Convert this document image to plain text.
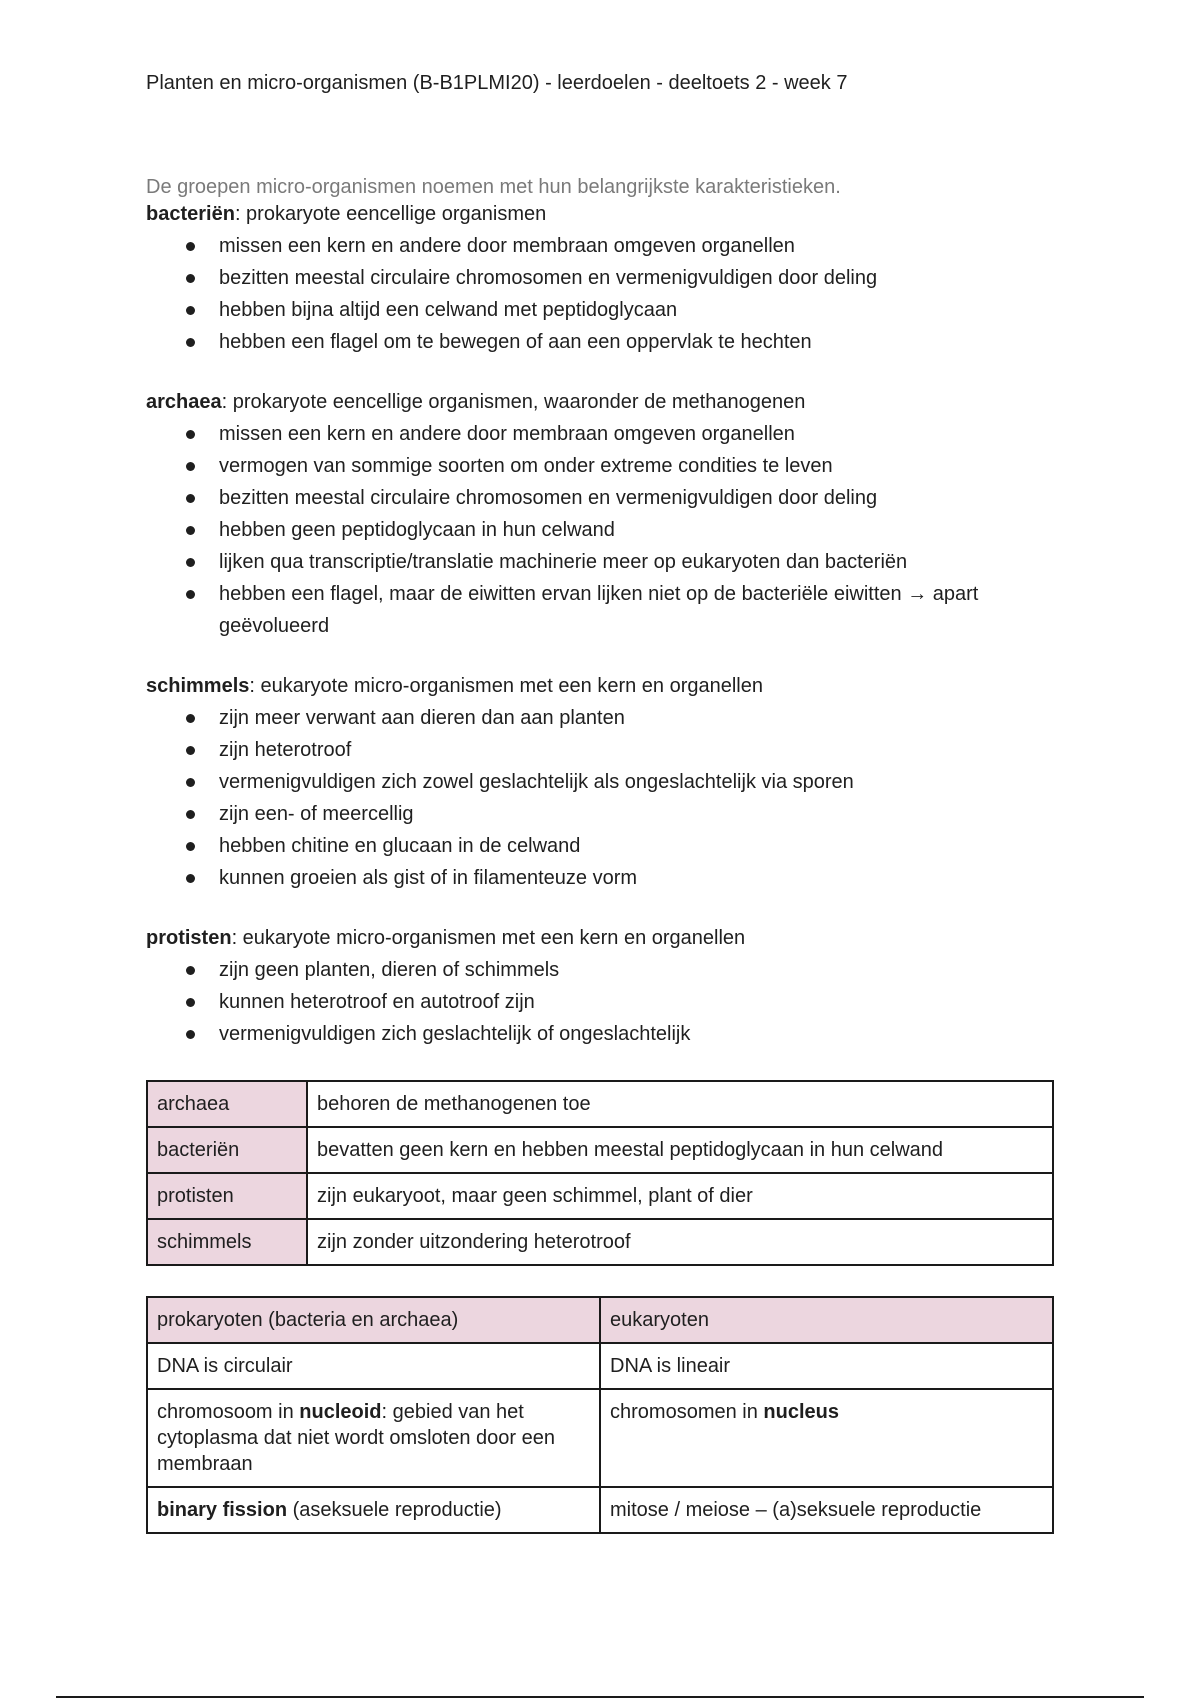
Planten en micro-organismen (B-B1PLMI20) - leerdoelen - deeltoets 2 - week 7

De groepen micro-organismen noemen met hun belangrijkste karakteristieken.

bacteriën: prokaryote eencellige organismen

missen een kern en andere door membraan omgeven organellen
bezitten meestal circulaire chromosomen en vermenigvuldigen door deling
hebben bijna altijd een celwand met peptidoglycaan
hebben een flagel om te bewegen of aan een oppervlak te hechten

archaea: prokaryote eencellige organismen, waaronder de methanogenen

missen een kern en andere door membraan omgeven organellen
vermogen van sommige soorten om onder extreme condities te leven
bezitten meestal circulaire chromosomen en vermenigvuldigen door deling
hebben geen peptidoglycaan in hun celwand
lijken qua transcriptie/translatie machinerie meer op eukaryoten dan bacteriën
hebben een flagel, maar de eiwitten ervan lijken niet op de bacteriële eiwitten → apart geëvolueerd

schimmels: eukaryote micro-organismen met een kern en organellen

zijn meer verwant aan dieren dan aan planten
zijn heterotroof
vermenigvuldigen zich zowel geslachtelijk als ongeslachtelijk via sporen
zijn een- of meercellig
hebben chitine en glucaan in de celwand
kunnen groeien als gist of in filamenteuze vorm

protisten: eukaryote micro-organismen met een kern en organellen

zijn geen planten, dieren of schimmels
kunnen heterotroof en autotroof zijn
vermenigvuldigen zich geslachtelijk of ongeslachtelijk
archaea	behoren de methanogenen toe
bacteriën	bevatten geen kern en hebben meestal peptidoglycaan in hun celwand
protisten	zijn eukaryoot, maar geen schimmel, plant of dier
schimmels	zijn zonder uitzondering heterotroof
prokaryoten (bacteria en archaea)	eukaryoten
DNA is circulair	DNA is lineair
chromosoom in nucleoid: gebied van het cytoplasma dat niet wordt omsloten door een membraan	chromosomen in nucleus
binary fission (aseksuele reproductie)	mitose / meiose – (a)seksuele reproductie
